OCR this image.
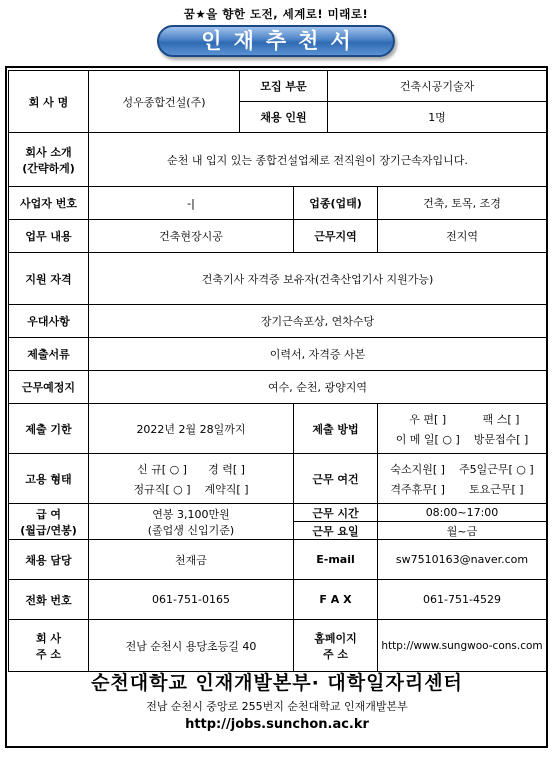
꿈★을 향한 도전, 세계로! 미래로!
인재추천서
회 사 명	성우종합건설(주)	모집 부문		건축시공기술자	
		채용 인원		1명	

회사 소개
(간략하게)	순천 내 입지 있는 종합건설업체로 전직원이 장기근속자입니다.				
사업자 번호	-|		업종(업태)		건축, 토목, 조경
업무 내용	건축현장시공		근무지역		전지역
지원 자격	건축기사 자격증 보유자(건축산업기사 지원가능)				
우대사항	장기근속포상, 연차수당				
제출서류	이력서, 자격증 사본				
근무예정지	여수, 순천, 광양지역				
제출 기한	2022년 2월 28일까지		제출 방법		우 편[ ] 팩 스[ ]
이 메 일[ ○ ] 방문접수[ ]

고용 형태	신 규[ ○ ] 경 력[ ]
정규직[ ○ ] 계약직[ ]		근무 여건		숙소지원[ ] 주5일근무[ ○ ]
격주휴무[ ] 토요근무[ ]

급 여
(월급/연봉)	연봉 3,100만원
(졸업생 신입기준)		근무 시간		08:00~17:00
			근무 요일		월~금
채용 담당	천재금		E-mail		sw7510163@naver.com
전화 번호	061-751-0165		F A X		061-751-4529

회 사
주 소	전남 순천시 용당초등길 40		홈페이지
주 소		http://www.sungwoo-cons.com
순천대학교 인재개발본부· 대학일자리센터
전남 순천시 중앙로 255번지 순천대학교 인재개발본부
http://jobs.sunchon.ac.kr
